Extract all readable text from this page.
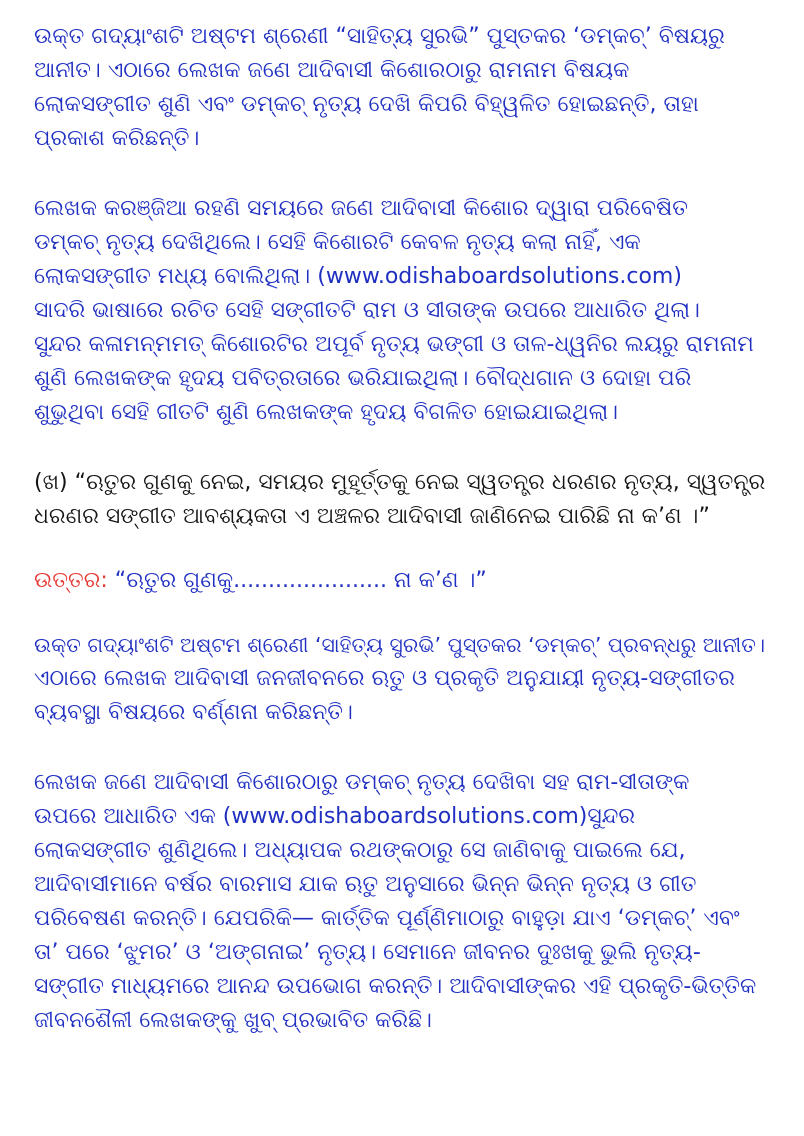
ଉକ୍ତ ଗଦ୍ୟାଂଶଟି ଅଷ୍ଟମ ଶ୍ରେଣୀ “ସାହିତ୍ୟ ସୁରଭି” ପୁସ୍ତକର ‘ଡମ୍‌କଚ୍’ ବିଷୟରୁ
ଆନୀତ। ଏଠାରେ ଲେଖକ ଜଣେ ଆଦିବାସୀ କିଶୋରଠାରୁ ରାମନାମ ବିଷୟକ
ଲୋକସଙ୍ଗୀତ ଶୁଣି ଏବଂ ଡମ୍‌କଚ୍ ନୃତ୍ୟ ଦେଖି କିପରି ବିହ୍ୱଳିତ ହୋଇଛନ୍ତି, ତାହା
ପ୍ରକାଶ କରିଛନ୍ତି।

ଲେଖକ କରଞ୍ଜିଆ ରହଣି ସମୟରେ ଜଣେ ଆଦିବାସୀ କିଶୋର ଦ୍ୱାରା ପରିବେଷିତ
ଡମ୍‌କଚ୍ ନୃତ୍ୟ ଦେଖିଥିଲେ। ସେହି କିଶୋରଟି କେବଳ ନୃତ୍ୟ କଲା ନାହିଁ, ଏକ
ଲୋକସଙ୍ଗୀତ ମଧ୍ୟ ବୋଲିଥିଲା। (www.odishaboardsolutions.com)
ସାଦରି ଭାଷାରେ ରଚିତ ସେହି ସଙ୍ଗୀତଟି ରାମ ଓ ସୀତାଙ୍କ ଉପରେ ଆଧାରିତ ଥିଲା।
ସୁନ୍ଦର କଳାମନ୍ମମତ୍ କିଶୋରଟିର ଅପୂର୍ବ ନୃତ୍ୟ ଭଙ୍ଗୀ ଓ ତାଳ-ଧ୍ୱନିର ଲୟରୁ ରାମନାମ
ଶୁଣି ଲେଖକଙ୍କ ହୃଦୟ ପବିତ୍ରତାରେ ଭରିଯାଇଥିଲା। ବୌଦ୍ଧଗାନ ଓ ଦୋହା ପରି
ଶୁଭୁଥିବା ସେହି ଗୀତଟି ଶୁଣି ଲେଖକଙ୍କ ହୃଦୟ ବିଗଳିତ ହୋଇଯାଇଥିଲା।

(ଖ) “ଋତୁର ଗୁଣକୁ ନେଇ, ସମୟର ମୁହୂର୍ତ୍ତକୁ ନେଇ ସ୍ୱତନ୍ତ୍ର ଧରଣର ନୃତ୍ୟ, ସ୍ୱତନ୍ତ୍ର
ଧରଣର ସଙ୍ଗୀତ ଆବଶ୍ୟକତା ଏ ଅଞ୍ଚଳର ଆଦିବାସୀ ଜାଣିନେଇ ପାରିଛି ନା କ’ଣ ।”

ଉତ୍ତର: “ଋତୁର ଗୁଣକୁ...................... ନା କ’ଣ ।”

ଉକ୍ତ ଗଦ୍ୟାଂଶଟି ଅଷ୍ଟମ ଶ୍ରେଣୀ ‘ସାହିତ୍ୟ ସୁରଭି’ ପୁସ୍ତକର ‘ଡମ୍‌କଚ୍’ ପ୍ରବନ୍ଧରୁ ଆନୀତ।
ଏଠାରେ ଲେଖକ ଆଦିବାସୀ ଜନଜୀବନରେ ଋତୁ ଓ ପ୍ରକୃତି ଅନୁଯାୟୀ ନୃତ୍ୟ-ସଙ୍ଗୀତର
ବ୍ୟବସ୍ଥା ବିଷୟରେ ବର୍ଣ୍ଣନା କରିଛନ୍ତି।

ଲେଖକ ଜଣେ ଆଦିବାସୀ କିଶୋରଠାରୁ ଡମ୍‌କଚ୍ ନୃତ୍ୟ ଦେଖିବା ସହ ରାମ-ସୀତାଙ୍କ
ଉପରେ ଆଧାରିତ ଏକ (www.odishaboardsolutions.com)ସୁନ୍ଦର
ଲୋକସଙ୍ଗୀତ ଶୁଣିଥିଲେ। ଅଧ୍ୟାପକ ରଥଙ୍କଠାରୁ ସେ ଜାଣିବାକୁ ପାଇଲେ ଯେ,
ଆଦିବାସୀମାନେ ବର୍ଷର ବାରମାସ ଯାକ ଋତୁ ଅନୁସାରେ ଭିନ୍ନ ଭିନ୍ନ ନୃତ୍ୟ ଓ ଗୀତ
ପରିବେଷଣ କରନ୍ତି। ଯେପରିକି— କାର୍ତ୍ତିକ ପୂର୍ଣ୍ଣିମାଠାରୁ ବାହୁଡ଼ା ଯାଏ ‘ଡମ୍‌କଚ୍’ ଏବଂ
ତା’ ପରେ ‘ଝୁମର’ ଓ ‘ଅଙ୍ଗନାଇ’ ନୃତ୍ୟ। ସେମାନେ ଜୀବନର ଦୁଃଖକୁ ଭୁଲି ନୃତ୍ୟ-
ସଙ୍ଗୀତ ମାଧ୍ୟମରେ ଆନନ୍ଦ ଉପଭୋଗ କରନ୍ତି। ଆଦିବାସୀଙ୍କର ଏହି ପ୍ରକୃତି-ଭିତ୍ତିକ
ଜୀବନଶୈଳୀ ଲେଖକଙ୍କୁ ଖୁବ୍ ପ୍ରଭାବିତ କରିଛି।
